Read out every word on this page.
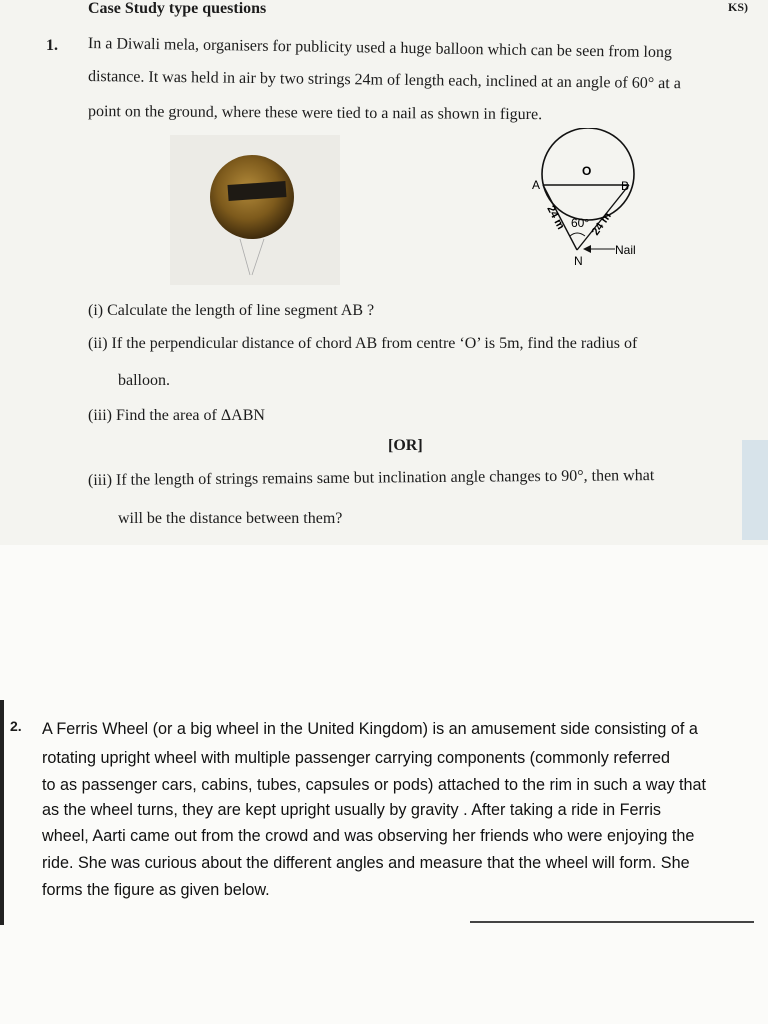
Case Study type questions	KS)
1. In a Diwali mela, organisers for publicity used a huge balloon which can be seen from long
distance. It was held in air by two strings 24m of length each, inclined at an angle of 60° at a
point on the ground, where these were tied to a nail as shown in figure.
O
A	B
N
60°
24 m 24 m
Nail
(i) Calculate the length of line segment AB ?
(ii) If the perpendicular distance of chord AB from centre ‘O’ is 5m, find the radius of
balloon.
(iii) Find the area of ΔABN
[OR]
(iii) If the length of strings remains same but inclination angle changes to 90°, then what
will be the distance between them?
2. A Ferris Wheel (or a big wheel in the United Kingdom) is an amusement side consisting of a
rotating upright wheel with multiple passenger carrying components (commonly referred
to as passenger cars, cabins, tubes, capsules or pods) attached to the rim in such a way that
as the wheel turns, they are kept upright usually by gravity . After taking a ride in Ferris
wheel, Aarti came out from the crowd and was observing her friends who were enjoying the
ride. She was curious about the different angles and measure that the wheel will form. She
forms the figure as given below.
